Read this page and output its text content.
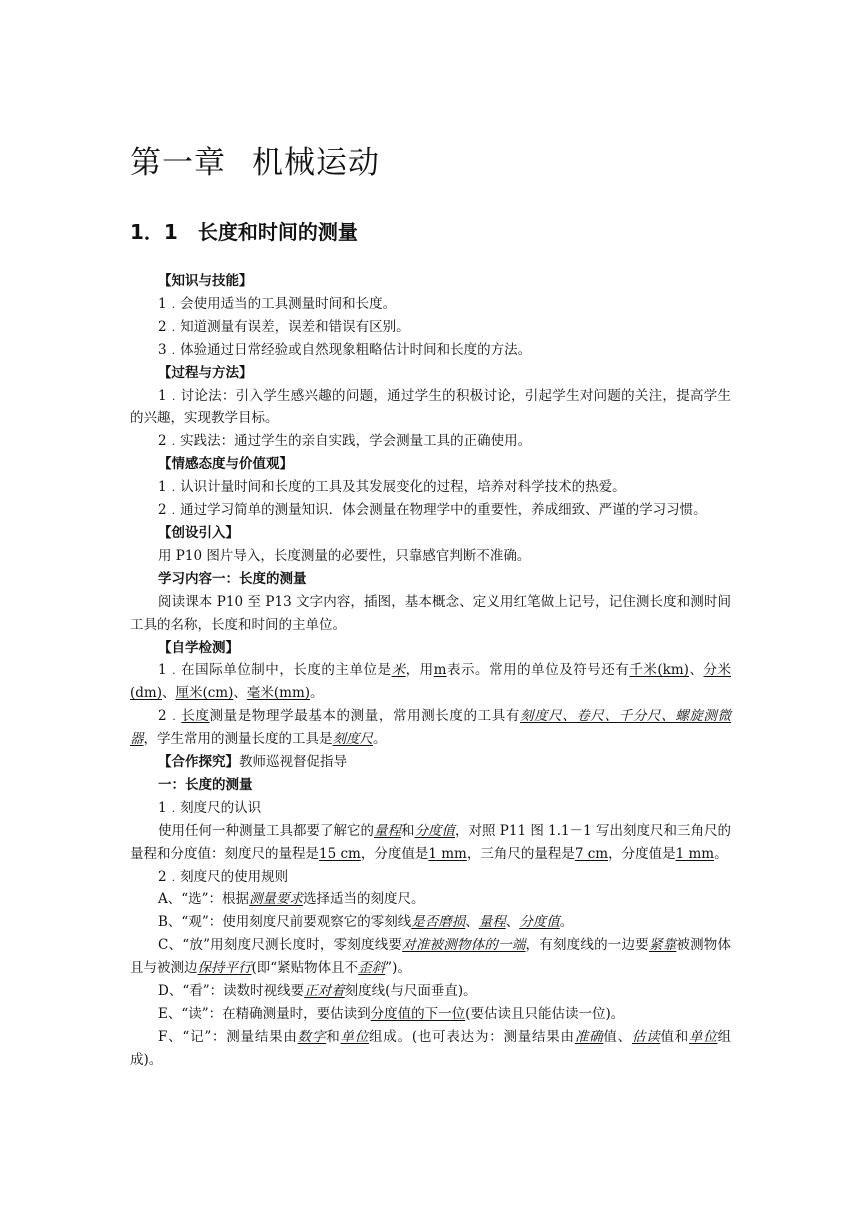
第一章 机械运动
1．1 长度和时间的测量

【知识与技能】

1﹒会使用适当的工具测量时间和长度。

2﹒知道测量有误差，误差和错误有区别。

3﹒体验通过日常经验或自然现象粗略估计时间和长度的方法。

【过程与方法】

1﹒讨论法：引入学生感兴趣的问题，通过学生的积极讨论，引起学生对问题的关注，提高学生的兴趣，实现教学目标。

2﹒实践法：通过学生的亲自实践，学会测量工具的正确使用。

【情感态度与价值观】

1﹒认识计量时间和长度的工具及其发展变化的过程，培养对科学技术的热爱。

2﹒通过学习简单的测量知识．体会测量在物理学中的重要性，养成细致、严谨的学习习惯。

【创设引入】

用 P10 图片导入，长度测量的必要性，只靠感官判断不准确。

学习内容一：长度的测量

阅读课本 P10 至 P13 文字内容，插图，基本概念、定义用红笔做上记号，记住测长度和测时间工具的名称，长度和时间的主单位。

【自学检测】

1﹒在国际单位制中，长度的主单位是米，用m表示。常用的单位及符号还有千米(km)、分米(dm)、厘米(cm)、毫米(mm)。

2﹒长度测量是物理学最基本的测量，常用测长度的工具有刻度尺、卷尺、千分尺、螺旋测微器，学生常用的测量长度的工具是刻度尺。

【合作探究】教师巡视督促指导

一：长度的测量

1﹒刻度尺的认识

使用任何一种测量工具都要了解它的量程和分度值，对照 P11 图 1.1－1 写出刻度尺和三角尺的量程和分度值：刻度尺的量程是15 cm，分度值是1 mm，三角尺的量程是7 cm，分度值是1 mm。

2﹒刻度尺的使用规则

A、“选”：根据测量要求选择适当的刻度尺。

B、“观”：使用刻度尺前要观察它的零刻线是否磨损、量程、分度值。

C、“放”用刻度尺测长度时，零刻度线要对准被测物体的一端，有刻度线的一边要紧靠被测物体且与被测边保持平行(即“紧贴物体且不歪斜”)。

D、“看”：读数时视线要正对着刻度线(与尺面垂直)。

E、“读”：在精确测量时，要估读到分度值的下一位(要估读且只能估读一位)。

F、“记”：测量结果由数字和单位组成。(也可表达为：测量结果由准确值、估读值和单位组成)。
